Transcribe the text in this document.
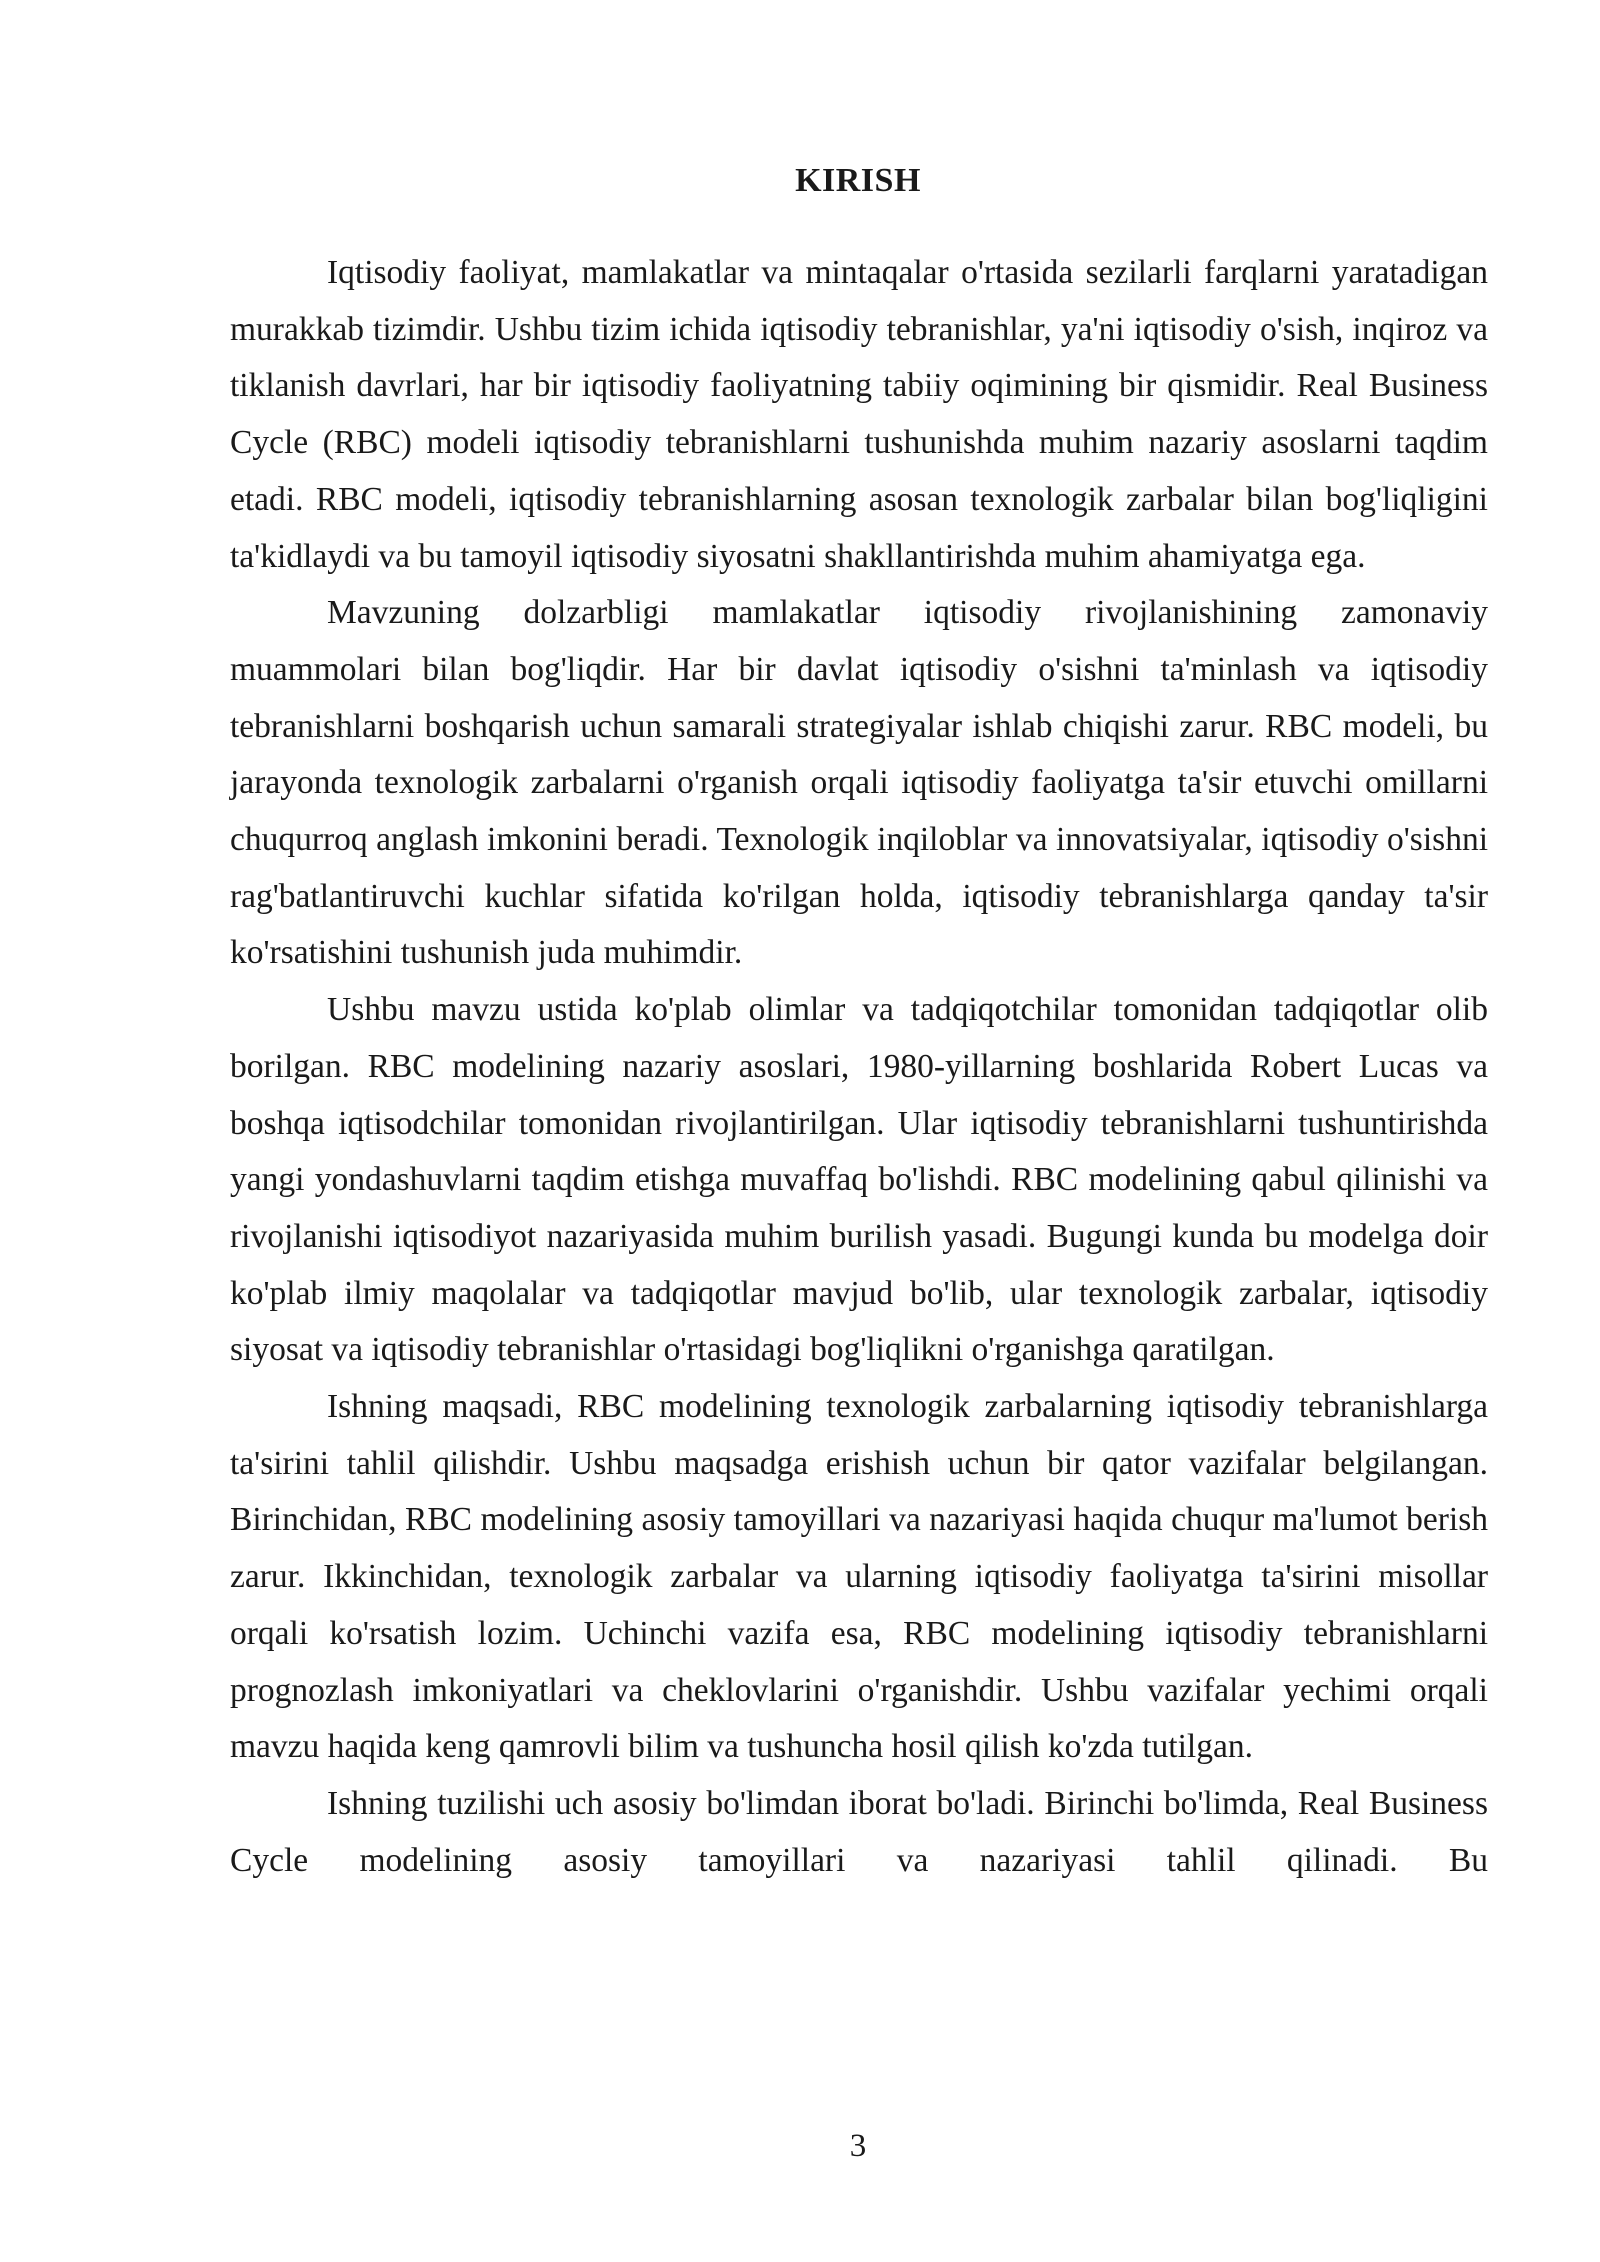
KIRISH

Iqtisodiy faoliyat, mamlakatlar va mintaqalar o'rtasida sezilarli farqlarni yaratadigan murakkab tizimdir. Ushbu tizim ichida iqtisodiy tebranishlar, ya'ni iqtisodiy o'sish, inqiroz va tiklanish davrlari, har bir iqtisodiy faoliyatning tabiiy oqimining bir qismidir. Real Business Cycle (RBC) modeli iqtisodiy tebranishlarni tushunishda muhim nazariy asoslarni taqdim etadi. RBC modeli, iqtisodiy tebranishlarning asosan texnologik zarbalar bilan bog'liqligini ta'kidlaydi va bu tamoyil iqtisodiy siyosatni shakllantirishda muhim ahamiyatga ega.

Mavzuning dolzarbligi mamlakatlar iqtisodiy rivojlanishining zamonaviy muammolari bilan bog'liqdir. Har bir davlat iqtisodiy o'sishni ta'minlash va iqtisodiy tebranishlarni boshqarish uchun samarali strategiyalar ishlab chiqishi zarur. RBC modeli, bu jarayonda texnologik zarbalarni o'rganish orqali iqtisodiy faoliyatga ta'sir etuvchi omillarni chuqurroq anglash imkonini beradi. Texnologik inqiloblar va innovatsiyalar, iqtisodiy o'sishni rag'batlantiruvchi kuchlar sifatida ko'rilgan holda, iqtisodiy tebranishlarga qanday ta'sir ko'rsatishini tushunish juda muhimdir.

Ushbu mavzu ustida ko'plab olimlar va tadqiqotchilar tomonidan tadqiqotlar olib borilgan. RBC modelining nazariy asoslari, 1980-yillarning boshlarida Robert Lucas va boshqa iqtisodchilar tomonidan rivojlantirilgan. Ular iqtisodiy tebranishlarni tushuntirishda yangi yondashuvlarni taqdim etishga muvaffaq bo'lishdi. RBC modelining qabul qilinishi va rivojlanishi iqtisodiyot nazariyasida muhim burilish yasadi. Bugungi kunda bu modelga doir ko'plab ilmiy maqolalar va tadqiqotlar mavjud bo'lib, ular texnologik zarbalar, iqtisodiy siyosat va iqtisodiy tebranishlar o'rtasidagi bog'liqlikni o'rganishga qaratilgan.

Ishning maqsadi, RBC modelining texnologik zarbalarning iqtisodiy tebranishlarga ta'sirini tahlil qilishdir. Ushbu maqsadga erishish uchun bir qator vazifalar belgilangan. Birinchidan, RBC modelining asosiy tamoyillari va nazariyasi haqida chuqur ma'lumot berish zarur. Ikkinchidan, texnologik zarbalar va ularning iqtisodiy faoliyatga ta'sirini misollar orqali ko'rsatish lozim. Uchinchi vazifa esa, RBC modelining iqtisodiy tebranishlarni prognozlash imkoniyatlari va cheklovlarini o'rganishdir. Ushbu vazifalar yechimi orqali mavzu haqida keng qamrovli bilim va tushuncha hosil qilish ko'zda tutilgan.

Ishning tuzilishi uch asosiy bo'limdan iborat bo'ladi. Birinchi bo'limda, Real Business Cycle modelining asosiy tamoyillari va nazariyasi tahlil qilinadi. Bu

3
